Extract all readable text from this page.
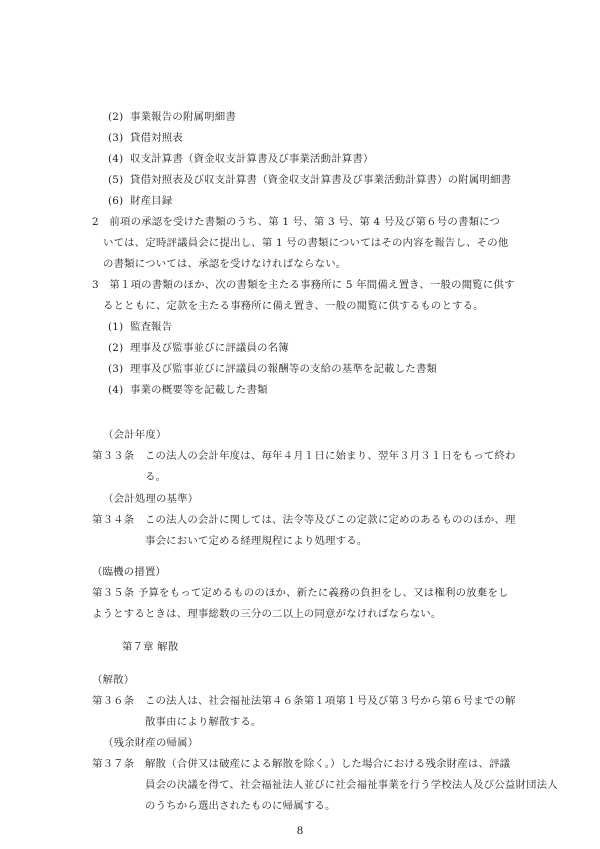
(2) 事業報告の附属明細書
(3) 貸借対照表
(4) 収支計算書（資金収支計算書及び事業活動計算書）
(5) 貸借対照表及び収支計算書（資金収支計算書及び事業活動計算書）の附属明細書
(6) 財産目録
2　前項の承認を受けた書類のうち、第 1 号、第 3 号、第 4 号及び第６号の書類につ
いては、定時評議員会に提出し、第 1 号の書類についてはその内容を報告し、その他
の書類については、承認を受けなければならない。
3　第１項の書類のほか、次の書類を主たる事務所に 5 年間備え置き、一般の閲覧に供す
るとともに、定款を主たる事務所に備え置き、一般の閲覧に供するものとする。
(1) 監査報告
(2) 理事及び監事並びに評議員の名簿
(3) 理事及び監事並びに評議員の報酬等の支給の基準を記載した書類
(4) 事業の概要等を記載した書類
（会計年度）
第３３条　この法人の会計年度は、毎年４月１日に始まり、翌年３月３１日をもって終わ
る。
（会計処理の基準）
第３４条　この法人の会計に関しては、法令等及びこの定款に定めのあるもののほか、理
事会において定める経理規程により処理する。
（臨機の措置）
第３５条 予算をもって定めるもののほか、新たに義務の負担をし、又は権利の放棄をし
ようとするときは、理事総数の三分の二以上の同意がなければならない。
第７章 解散
（解散）
第３６条　この法人は、社会福祉法第４６条第１項第１号及び第３号から第６号までの解
散事由により解散する。
（残余財産の帰属）
第３７条　解散（合併又は破産による解散を除く。）した場合における残余財産は、評議
員会の決議を得て、社会福祉法人並びに社会福祉事業を行う学校法人及び公益財団法人
のうちから選出されたものに帰属する。
8
